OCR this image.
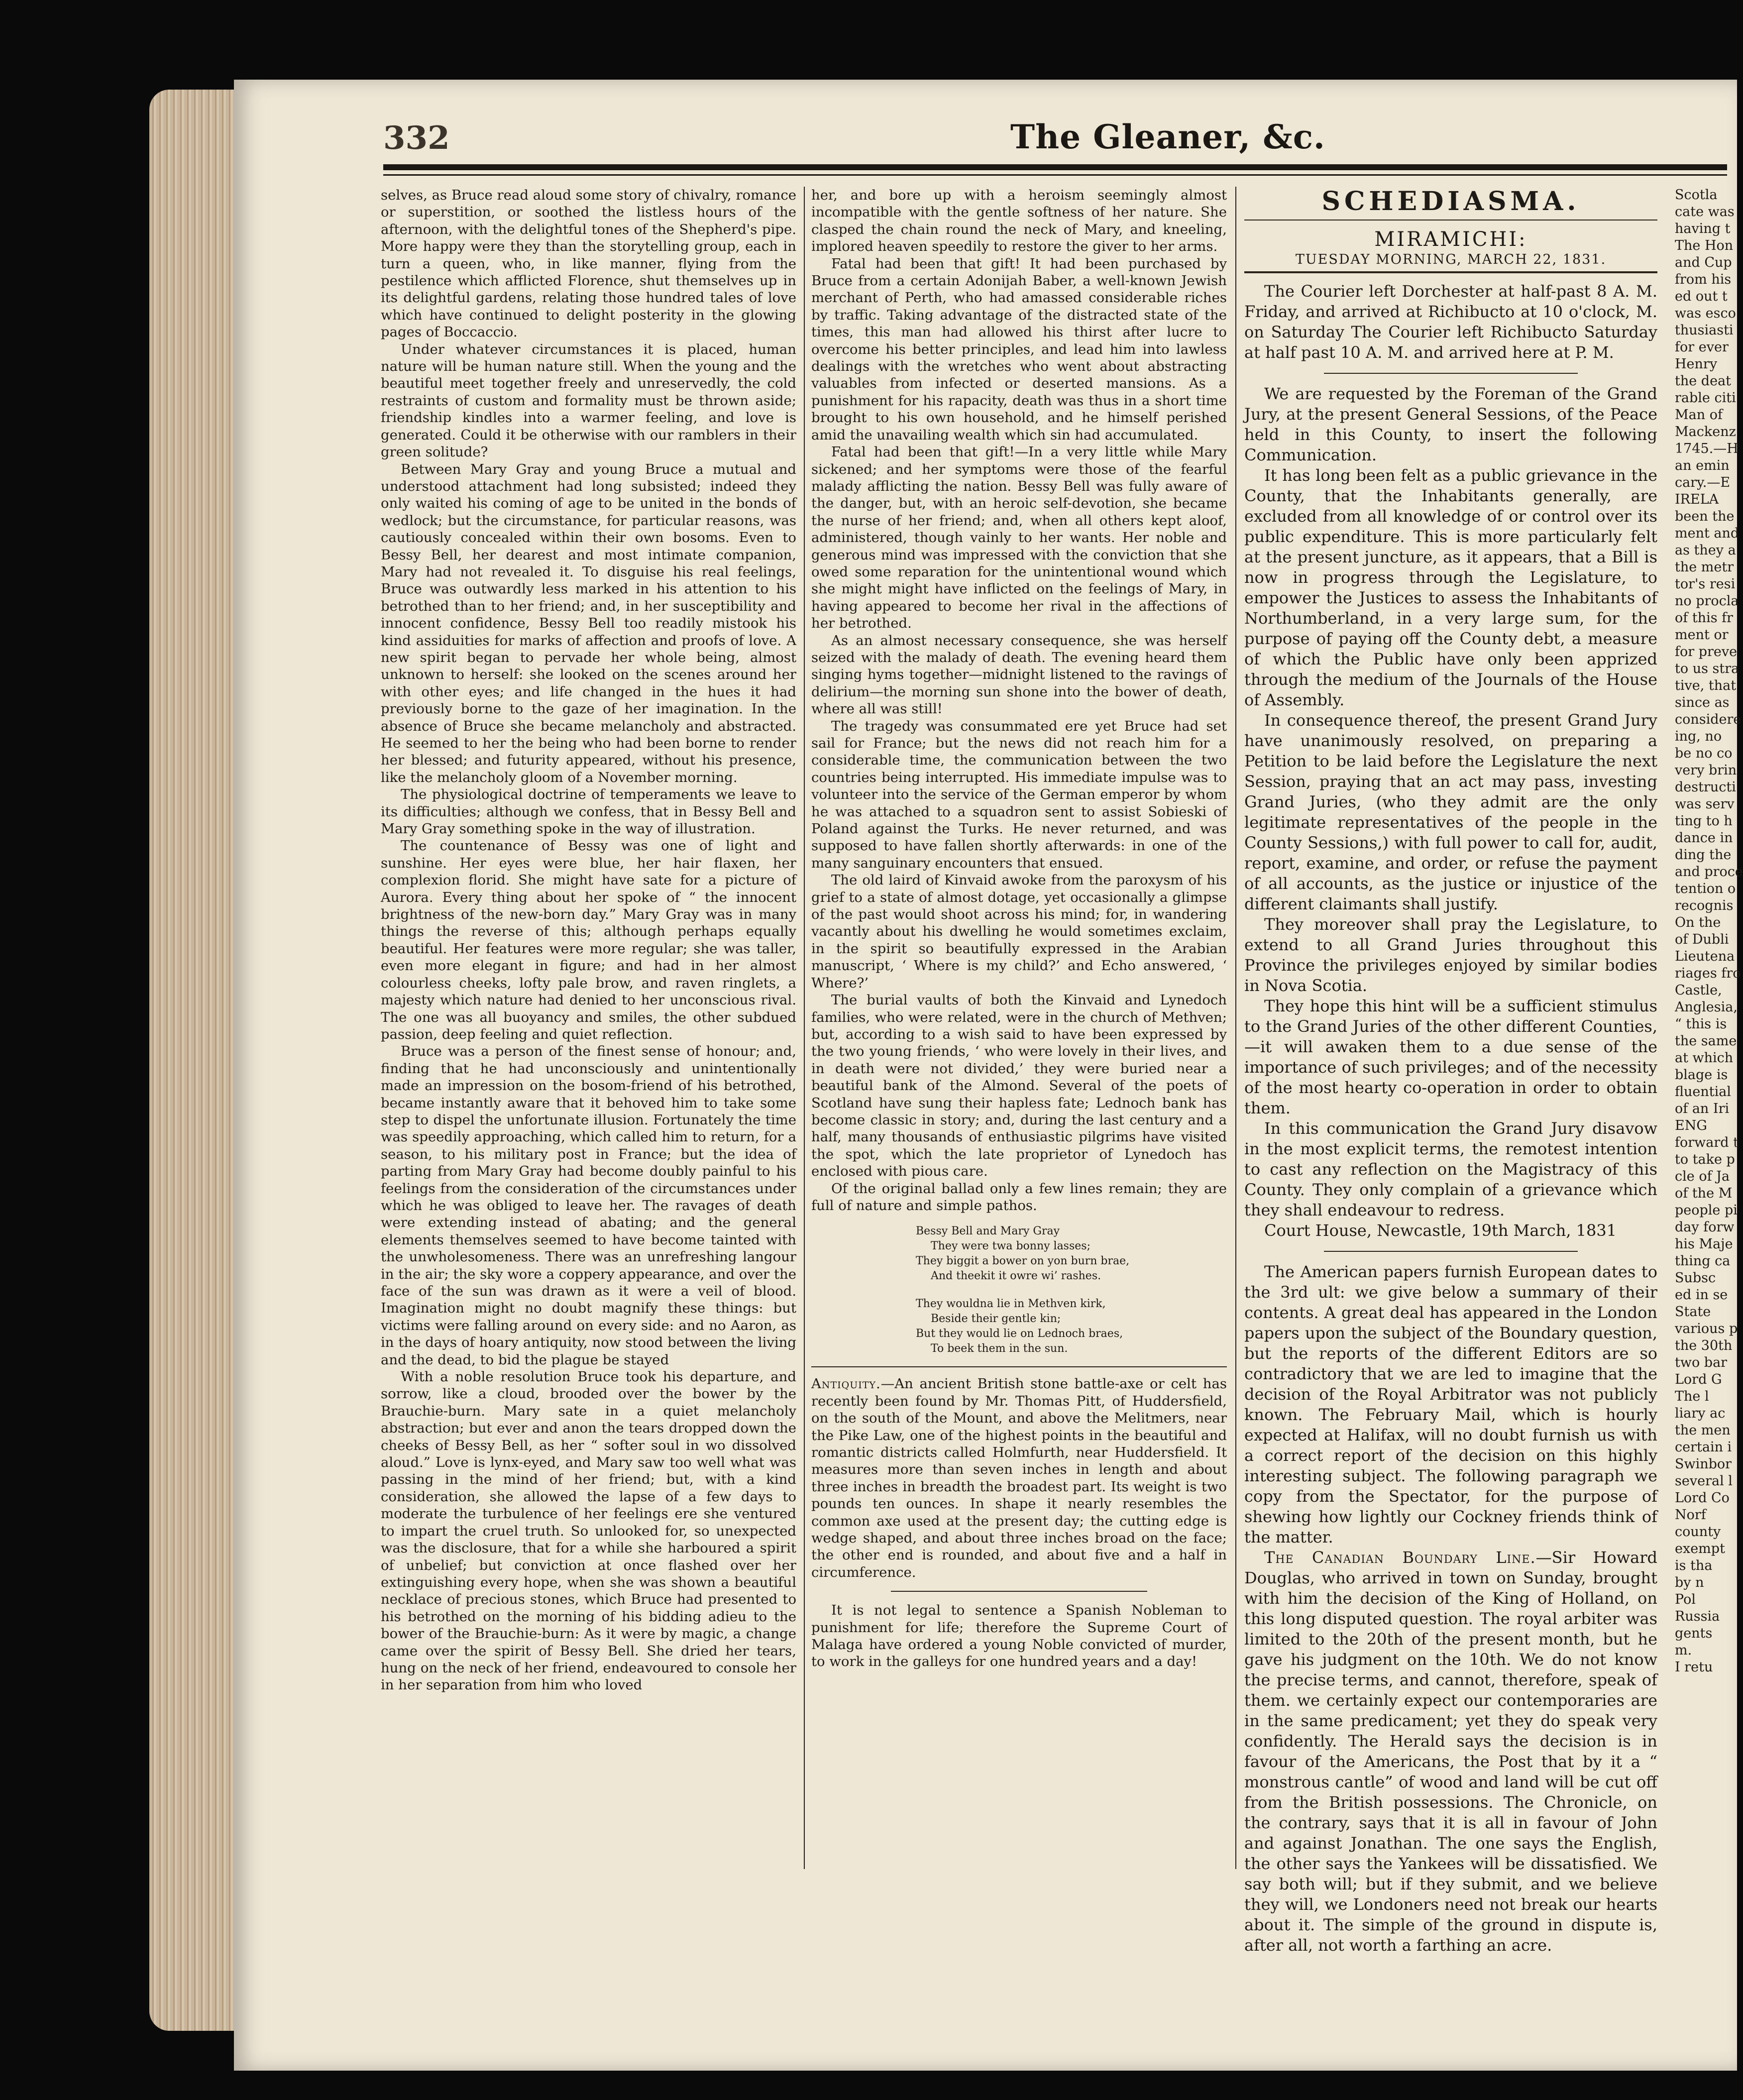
332	The Gleaner, &c.

selves, as Bruce read aloud some story of chivalry, romance or superstition, or soothed the listless hours of the afternoon, with the delightful tones of the Shepherd's pipe. More happy were they than the storytelling group, each in turn a queen, who, in like manner, flying from the pestilence which afflicted Florence, shut themselves up in its delightful gardens, relating those hundred tales of love which have continued to delight posterity in the glowing pages of Boccaccio.

Under whatever circumstances it is placed, human nature will be human nature still. When the young and the beautiful meet together freely and unreservedly, the cold restraints of custom and formality must be thrown aside; friendship kindles into a warmer feeling, and love is generated. Could it be otherwise with our ramblers in their green solitude?

Between Mary Gray and young Bruce a mutual and understood attachment had long subsisted; indeed they only waited his coming of age to be united in the bonds of wedlock; but the circumstance, for particular reasons, was cautiously concealed within their own bosoms. Even to Bessy Bell, her dearest and most intimate companion, Mary had not revealed it. To disguise his real feelings, Bruce was outwardly less marked in his attention to his betrothed than to her friend; and, in her susceptibility and innocent confidence, Bessy Bell too readily mistook his kind assiduities for marks of affection and proofs of love. A new spirit began to pervade her whole being, almost unknown to herself: she looked on the scenes around her with other eyes; and life changed in the hues it had previously borne to the gaze of her imagination. In the absence of Bruce she became melancholy and abstracted. He seemed to her the being who had been borne to render her blessed; and futurity appeared, without his presence, like the melancholy gloom of a November morning.

The physiological doctrine of temperaments we leave to its difficulties; although we confess, that in Bessy Bell and Mary Gray something spoke in the way of illustration.

The countenance of Bessy was one of light and sunshine. Her eyes were blue, her hair flaxen, her complexion florid. She might have sate for a picture of Aurora. Every thing about her spoke of “ the innocent brightness of the new-born day.” Mary Gray was in many things the reverse of this; although perhaps equally beautiful. Her features were more regular; she was taller, even more elegant in figure; and had in her almost colourless cheeks, lofty pale brow, and raven ringlets, a majesty which nature had denied to her unconscious rival. The one was all buoyancy and smiles, the other subdued passion, deep feeling and quiet reflection.

Bruce was a person of the finest sense of honour; and, finding that he had unconsciously and unintentionally made an impression on the bosom-friend of his betrothed, became instantly aware that it behoved him to take some step to dispel the unfortunate illusion. Fortunately the time was speedily approaching, which called him to return, for a season, to his military post in France; but the idea of parting from Mary Gray had become doubly painful to his feelings from the consideration of the circumstances under which he was obliged to leave her. The ravages of death were extending instead of abating; and the general elements themselves seemed to have become tainted with the unwholesomeness. There was an unrefreshing langour in the air; the sky wore a coppery appearance, and over the face of the sun was drawn as it were a veil of blood. Imagination might no doubt magnify these things: but victims were falling around on every side: and no Aaron, as in the days of hoary antiquity, now stood between the living and the dead, to bid the plague be stayed

With a noble resolution Bruce took his departure, and sorrow, like a cloud, brooded over the bower by the Brauchie-burn. Mary sate in a quiet melancholy abstraction; but ever and anon the tears dropped down the cheeks of Bessy Bell, as her “ softer soul in wo dissolved aloud.” Love is lynx-eyed, and Mary saw too well what was passing in the mind of her friend; but, with a kind consideration, she allowed the lapse of a few days to moderate the turbulence of her feelings ere she ventured to impart the cruel truth. So unlooked for, so unexpected was the disclosure, that for a while she harboured a spirit of unbelief; but conviction at once flashed over her extinguishing every hope, when she was shown a beautiful necklace of precious stones, which Bruce had presented to his betrothed on the morning of his bidding adieu to the bower of the Brauchie-burn: As it were by magic, a change came over the spirit of Bessy Bell. She dried her tears, hung on the neck of her friend, endeavoured to console her in her separation from him who loved

her, and bore up with a heroism seemingly almost incompatible with the gentle softness of her nature. She clasped the chain round the neck of Mary, and kneeling, implored heaven speedily to restore the giver to her arms.

Fatal had been that gift! It had been purchased by Bruce from a certain Adonijah Baber, a well-known Jewish merchant of Perth, who had amassed considerable riches by traffic. Taking advantage of the distracted state of the times, this man had allowed his thirst after lucre to overcome his better principles, and lead him into lawless dealings with the wretches who went about abstracting valuables from infected or deserted mansions. As a punishment for his rapacity, death was thus in a short time brought to his own household, and he himself perished amid the unavailing wealth which sin had accumulated.

Fatal had been that gift!—In a very little while Mary sickened; and her symptoms were those of the fearful malady afflicting the nation. Bessy Bell was fully aware of the danger, but, with an heroic self-devotion, she became the nurse of her friend; and, when all others kept aloof, administered, though vainly to her wants. Her noble and generous mind was impressed with the conviction that she owed some reparation for the unintentional wound which she might might have inflicted on the feelings of Mary, in having appeared to become her rival in the affections of her betrothed.

As an almost necessary consequence, she was herself seized with the malady of death. The evening heard them singing hyms together—midnight listened to the ravings of delirium—the morning sun shone into the bower of death, where all was still!

The tragedy was consummated ere yet Bruce had set sail for France; but the news did not reach him for a considerable time, the communication between the two countries being interrupted. His immediate impulse was to volunteer into the service of the German emperor by whom he was attached to a squadron sent to assist Sobieski of Poland against the Turks. He never returned, and was supposed to have fallen shortly afterwards: in one of the many sanguinary encounters that ensued.

The old laird of Kinvaid awoke from the paroxysm of his grief to a state of almost dotage, yet occasionally a glimpse of the past would shoot across his mind; for, in wandering vacantly about his dwelling he would sometimes exclaim, in the spirit so beautifully expressed in the Arabian manuscript, ‘ Where is my child?’ and Echo answered, ‘ Where?’

The burial vaults of both the Kinvaid and Lynedoch families, who were related, were in the church of Methven; but, according to a wish said to have been expressed by the two young friends, ‘ who were lovely in their lives, and in death were not divided,’ they were buried near a beautiful bank of the Almond. Several of the poets of Scotland have sung their hapless fate; Lednoch bank has become classic in story; and, during the last century and a half, many thousands of enthusiastic pilgrims have visited the spot, which the late proprietor of Lynedoch has enclosed with pious care.

Of the original ballad only a few lines remain; they are full of nature and simple pathos.

Bessy Bell and Mary Gray
They were twa bonny lasses;
They biggit a bower on yon burn brae,
And theekit it owre wi’ rashes.
They wouldna lie in Methven kirk,
Beside their gentle kin;
But they would lie on Lednoch braes,
To beek them in the sun.

Antiquity.—An ancient British stone battle-axe or celt has recently been found by Mr. Thomas Pitt, of Huddersfield, on the south of the Mount, and above the Melitmers, near the Pike Law, one of the highest points in the beautiful and romantic districts called Holmfurth, near Huddersfield. It measures more than seven inches in length and about three inches in breadth the broadest part. Its weight is two pounds ten ounces. In shape it nearly resembles the common axe used at the present day; the cutting edge is wedge shaped, and about three inches broad on the face; the other end is rounded, and about five and a half in circumference.

It is not legal to sentence a Spanish Nobleman to punishment for life; therefore the Supreme Court of Malaga have ordered a young Noble convicted of murder, to work in the galleys for one hundred years and a day!

SCHEDIASMA.
MIRAMICHI:
TUESDAY MORNING, MARCH 22, 1831.

The Courier left Dorchester at half-past 8 A. M. Friday, and arrived at Richibucto at 10 o'clock, M. on Saturday The Courier left Richibucto Saturday at half past 10 A. M. and arrived here at P. M.

We are requested by the Foreman of the Grand Jury, at the present General Sessions, of the Peace held in this County, to insert the following Communication.

It has long been felt as a public grievance in the County, that the Inhabitants generally, are excluded from all knowledge of or control over its public expenditure. This is more particularly felt at the present juncture, as it appears, that a Bill is now in progress through the Legislature, to empower the Justices to assess the Inhabitants of Northumberland, in a very large sum, for the purpose of paying off the County debt, a measure of which the Public have only been apprized through the medium of the Journals of the House of Assembly.

In consequence thereof, the present Grand Jury have unanimously resolved, on preparing a Petition to be laid before the Legislature the next Session, praying that an act may pass, investing Grand Juries, (who they admit are the only legitimate representatives of the people in the County Sessions,) with full power to call for, audit, report, examine, and order, or refuse the payment of all accounts, as the justice or injustice of the different claimants shall justify.

They moreover shall pray the Legislature, to extend to all Grand Juries throughout this Province the privileges enjoyed by similar bodies in Nova Scotia.

They hope this hint will be a sufficient stimulus to the Grand Juries of the other different Counties,—it will awaken them to a due sense of the importance of such privileges; and of the necessity of the most hearty co-operation in order to obtain them.

In this communication the Grand Jury disavow in the most explicit terms, the remotest intention to cast any reflection on the Magistracy of this County. They only complain of a grievance which they shall endeavour to redress.

Court House, Newcastle, 19th March, 1831

The American papers furnish European dates to the 3rd ult: we give below a summary of their contents. A great deal has appeared in the London papers upon the subject of the Boundary question, but the reports of the different Editors are so contradictory that we are led to imagine that the decision of the Royal Arbitrator was not publicly known. The February Mail, which is hourly expected at Halifax, will no doubt furnish us with a correct report of the decision on this highly interesting subject. The following paragraph we copy from the Spectator, for the purpose of shewing how lightly our Cockney friends think of the matter.

The Canadian Boundary Line.—Sir Howard Douglas, who arrived in town on Sunday, brought with him the decision of the King of Holland, on this long disputed question. The royal arbiter was limited to the 20th of the present month, but he gave his judgment on the 10th. We do not know the precise terms, and cannot, therefore, speak of them. we certainly expect our contemporaries are in the same predicament; yet they do speak very confidently. The Herald says the decision is in favour of the Americans, the Post that by it a “ monstrous cantle” of wood and land will be cut off from the British possessions. The Chronicle, on the contrary, says that it is all in favour of John and against Jonathan. The one says the English, the other says the Yankees will be dissatisfied. We say both will; but if they submit, and we believe they will, we Londoners need not break our hearts about it. The simple of the ground in dispute is, after all, not worth a farthing an acre.

Scotla

cate was

having t

The Hon

and Cup

from his

ed out t

was esco

thusiasti

for ever

Henry

the deat

rable citi

Man of

Mackenz

1745.—H

an emin

cary.—E

IRELA

been the

ment and

as they a

the metr

tor's resi

no procla

of this fr

ment or

for preve

to us stra

tive, that

since as

considere

ing, no

be no co

very brin

destructi

was serv

ting to h

dance in

ding the

and proce

tention o

recognis

On the

of Dubli

Lieutena

riages fro

Castle,

Anglesia,

“ this is

the same

at which

blage is

fluential

of an Iri

ENG

forward t

to take p

cle of Ja

of the M

people pi

day forw

his Maje

thing ca

Subsc

ed in se

State

various p

the 30th

two bar

Lord G

The l

liary ac

the men

certain i

Swinbor

several l

Lord Co

Norf

county

exempt

is tha

by n

Pol

Russia

gents

m.

I retu
